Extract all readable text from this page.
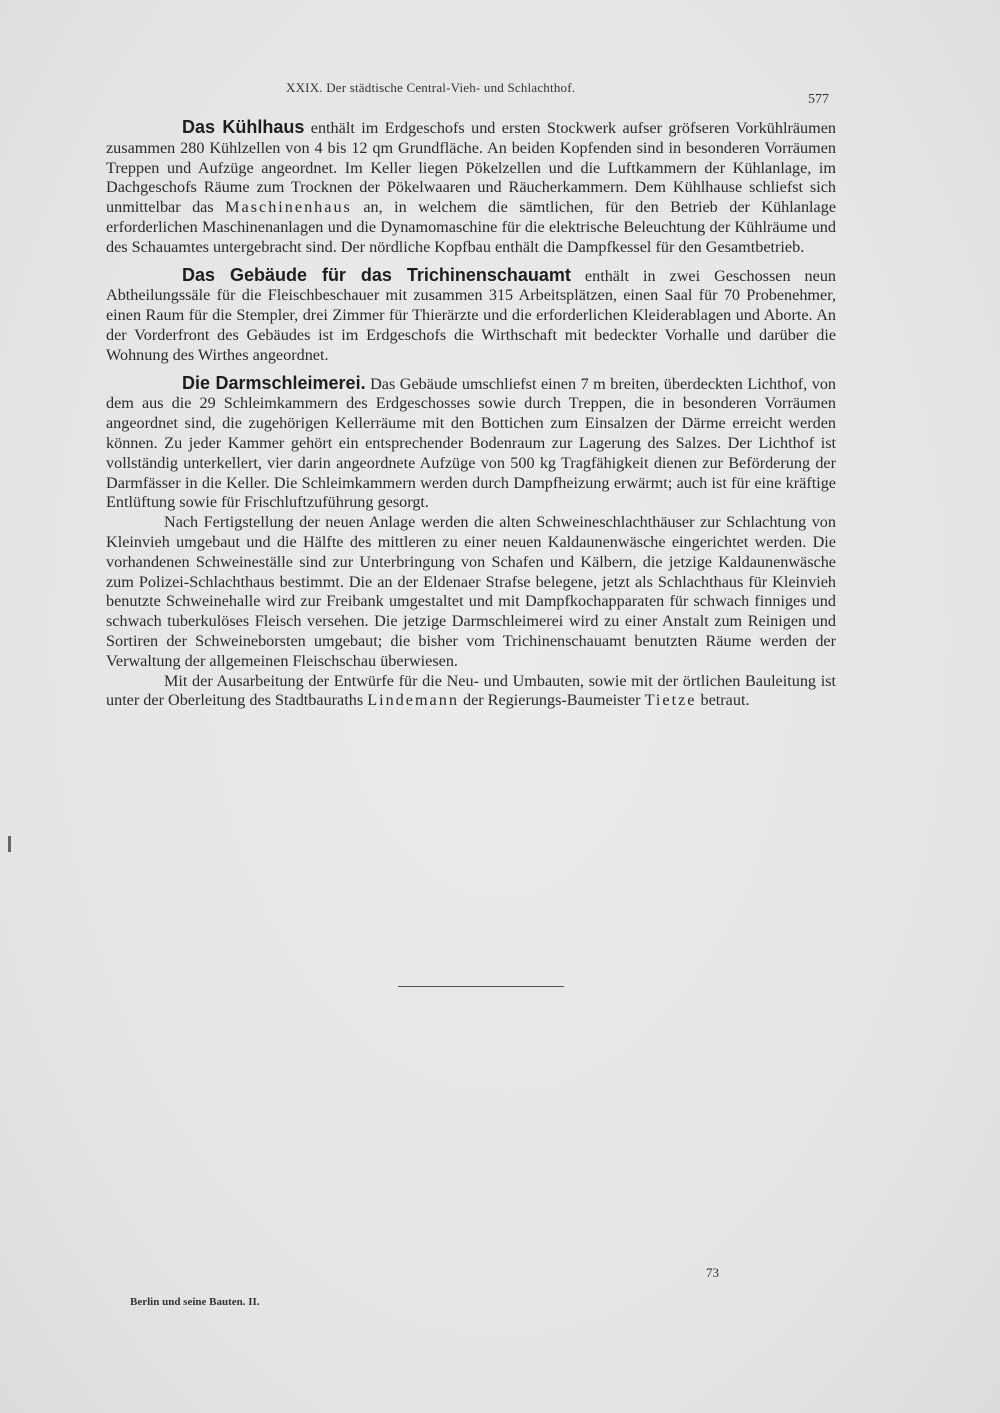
XXIX. Der städtische Central-Vieh- und Schlachthof.
577

Das Kühlhaus enthält im Erdgeschofs und ersten Stockwerk aufser gröfseren Vorkühlräumen zusammen 280 Kühlzellen von 4 bis 12 qm Grundfläche. An beiden Kopfenden sind in besonderen Vorräumen Treppen und Aufzüge angeordnet. Im Keller liegen Pökelzellen und die Luftkammern der Kühlanlage, im Dachgeschofs Räume zum Trocknen der Pökelwaaren und Räucherkammern. Dem Kühlhause schliefst sich unmittelbar das Maschinenhaus an, in welchem die sämtlichen, für den Betrieb der Kühlanlage erforderlichen Maschinenanlagen und die Dynamomaschine für die elektrische Beleuchtung der Kühlräume und des Schauamtes untergebracht sind. Der nördliche Kopfbau enthält die Dampfkessel für den Gesamtbetrieb.

Das Gebäude für das Trichinenschauamt enthält in zwei Geschossen neun Abtheilungssäle für die Fleischbeschauer mit zusammen 315 Arbeitsplätzen, einen Saal für 70 Probenehmer, einen Raum für die Stempler, drei Zimmer für Thierärzte und die erforderlichen Kleiderablagen und Aborte. An der Vorderfront des Gebäudes ist im Erdgeschofs die Wirthschaft mit bedeckter Vorhalle und darüber die Wohnung des Wirthes angeordnet.

Die Darmschleimerei. Das Gebäude umschliefst einen 7 m breiten, überdeckten Lichthof, von dem aus die 29 Schleimkammern des Erdgeschosses sowie durch Treppen, die in besonderen Vorräumen angeordnet sind, die zugehörigen Kellerräume mit den Bottichen zum Einsalzen der Därme erreicht werden können. Zu jeder Kammer gehört ein entsprechender Bodenraum zur Lagerung des Salzes. Der Lichthof ist vollständig unterkellert, vier darin angeordnete Aufzüge von 500 kg Tragfähigkeit dienen zur Beförderung der Darmfässer in die Keller. Die Schleimkammern werden durch Dampfheizung erwärmt; auch ist für eine kräftige Entlüftung sowie für Frischluftzuführung gesorgt.

Nach Fertigstellung der neuen Anlage werden die alten Schweineschlachthäuser zur Schlachtung von Kleinvieh umgebaut und die Hälfte des mittleren zu einer neuen Kaldaunenwäsche eingerichtet werden. Die vorhandenen Schweineställe sind zur Unterbringung von Schafen und Kälbern, die jetzige Kaldaunenwäsche zum Polizei-Schlachthaus bestimmt. Die an der Eldenaer Strafse belegene, jetzt als Schlachthaus für Kleinvieh benutzte Schweinehalle wird zur Freibank umgestaltet und mit Dampfkochapparaten für schwach finniges und schwach tuberkulöses Fleisch versehen. Die jetzige Darmschleimerei wird zu einer Anstalt zum Reinigen und Sortiren der Schweineborsten umgebaut; die bisher vom Trichinenschauamt benutzten Räume werden der Verwaltung der allgemeinen Fleischschau überwiesen.

Mit der Ausarbeitung der Entwürfe für die Neu- und Umbauten, sowie mit der örtlichen Bauleitung ist unter der Oberleitung des Stadtbauraths Lindemann der Regierungs-Baumeister Tietze betraut.

73
Berlin und seine Bauten. II.
